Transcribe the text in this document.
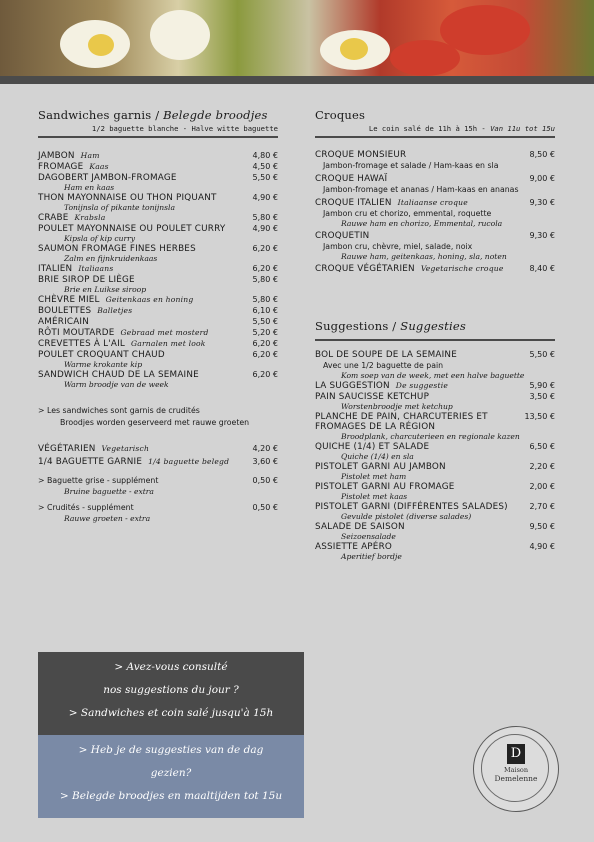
Sandwiches garnis / Belegde broodjes
1/2 baguette blanche - Halve witte baguette
JAMBON Ham	4,80 €
FROMAGE Kaas	4,50 €
DAGOBERT JAMBON-FROMAGE	5,50 €
Ham en kaas
THON MAYONNAISE OU THON PIQUANT	4,90 €
Tonijnsla of pikante tonijnsla
CRABE Krabsla	5,80 €
POULET MAYONNAISE OU POULET CURRY	4,90 €
Kipsla of kip curry
SAUMON FROMAGE FINES HERBES	6,20 €
Zalm en fijnkruidenkaas
ITALIEN Italiaans	6,20 €
BRIE SIROP DE LIÈGE	5,80 €
Brie en Luikse siroop
CHÈVRE MIEL Geitenkaas en honing	5,80 €
BOULETTES Balletjes	6,10 €
AMÉRICAIN	5,50 €
RÔTI MOUTARDE Gebraad met mosterd	5,20 €
CREVETTES À L'AIL Garnalen met look	6,20 €
POULET CROQUANT CHAUD	6,20 €
Warme krokante kip
SANDWICH CHAUD DE LA SEMAINE	6,20 €
Warm broodje van de week
> Les sandwiches sont garnis de crudités
Broodjes worden geserveerd met rauwe groeten
VÉGÉTARIEN Vegetarisch	4,20 €
1/4 BAGUETTE GARNIE 1/4 baguette belegd	3,60 €
> Baguette grise - supplément	0,50 €
Bruine baguette - extra
> Crudités - supplément	0,50 €
Rauwe groeten - extra
Croques
Le coin salé de 11h à 15h - Van 11u tot 15u
CROQUE MONSIEUR	8,50 €
Jambon-fromage et salade / Ham-kaas en sla
CROQUE HAWAÏ	9,00 €
Jambon-fromage et ananas / Ham-kaas en ananas
CROQUE ITALIEN Italiaanse croque	9,30 €
Jambon cru et chorizo, emmental, roquette
Rauwe ham en chorizo, Emmental, rucola
CROQUETIN	9,30 €
Jambon cru, chèvre, miel, salade, noix
Rauwe ham, geitenkaas, honing, sla, noten
CROQUE VÉGÉTARIEN Vegetarische croque	8,40 €
Suggestions / Suggesties
BOL DE SOUPE DE LA SEMAINE	5,50 €
Avec une 1/2 baguette de pain
Kom soep van de week, met een halve baguette
LA SUGGESTION De suggestie	5,90 €
PAIN SAUCISSE KETCHUP	3,50 €
Worstenbroodje met ketchup
PLANCHE DE PAIN, CHARCUTERIES ET	13,50 €
FROMAGES DE LA RÉGION
Broodplank, charcuterieen en regionale kazen
QUICHE (1/4) ET SALADE	6,50 €
Quiche (1/4) en sla
PISTOLET GARNI AU JAMBON	2,20 €
Pistolet met ham
PISTOLET GARNI AU FROMAGE	2,00 €
Pistolet met kaas
PISTOLET GARNI (DIFFÉRENTES SALADES)	2,70 €
Gevulde pistolet (diverse salades)
SALADE DE SAISON	9,50 €
Seizoensalade
ASSIETTE APÉRO	4,90 €
Aperitief bordje
> Avez-vous consulté
nos suggestions du jour ?
> Sandwiches et coin salé jusqu'à 15h
> Heb je de suggesties van de dag
gezien?
> Belegde broodjes en maaltijden tot 15u
D
Maison
Demelenne
